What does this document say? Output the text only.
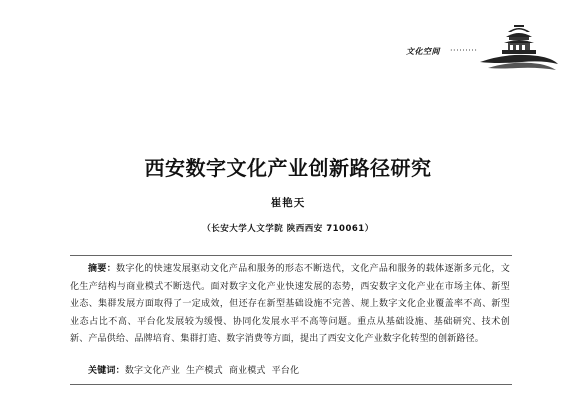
文化空间 ·········
西安数字文化产业创新路径研究
崔艳天
（长安大学人文学院 陕西西安 710061）

摘要：数字化的快速发展驱动文化产品和服务的形态不断迭代，文化产品和服务的载体逐渐多元化，文化生产结构与商业模式不断迭代。面对数字文化产业快速发展的态势，西安数字文化产业在市场主体、新型业态、集群发展方面取得了一定成效，但还存在新型基础设施不完善、规上数字文化企业覆盖率不高、新型业态占比不高、平台化发展较为缓慢、协同化发展水平不高等问题。重点从基础设施、基础研究、技术创新、产品供给、品牌培育、集群打造、数字消费等方面，提出了西安文化产业数字化转型的创新路径。

关键词：数字文化产业 生产模式 商业模式 平台化
